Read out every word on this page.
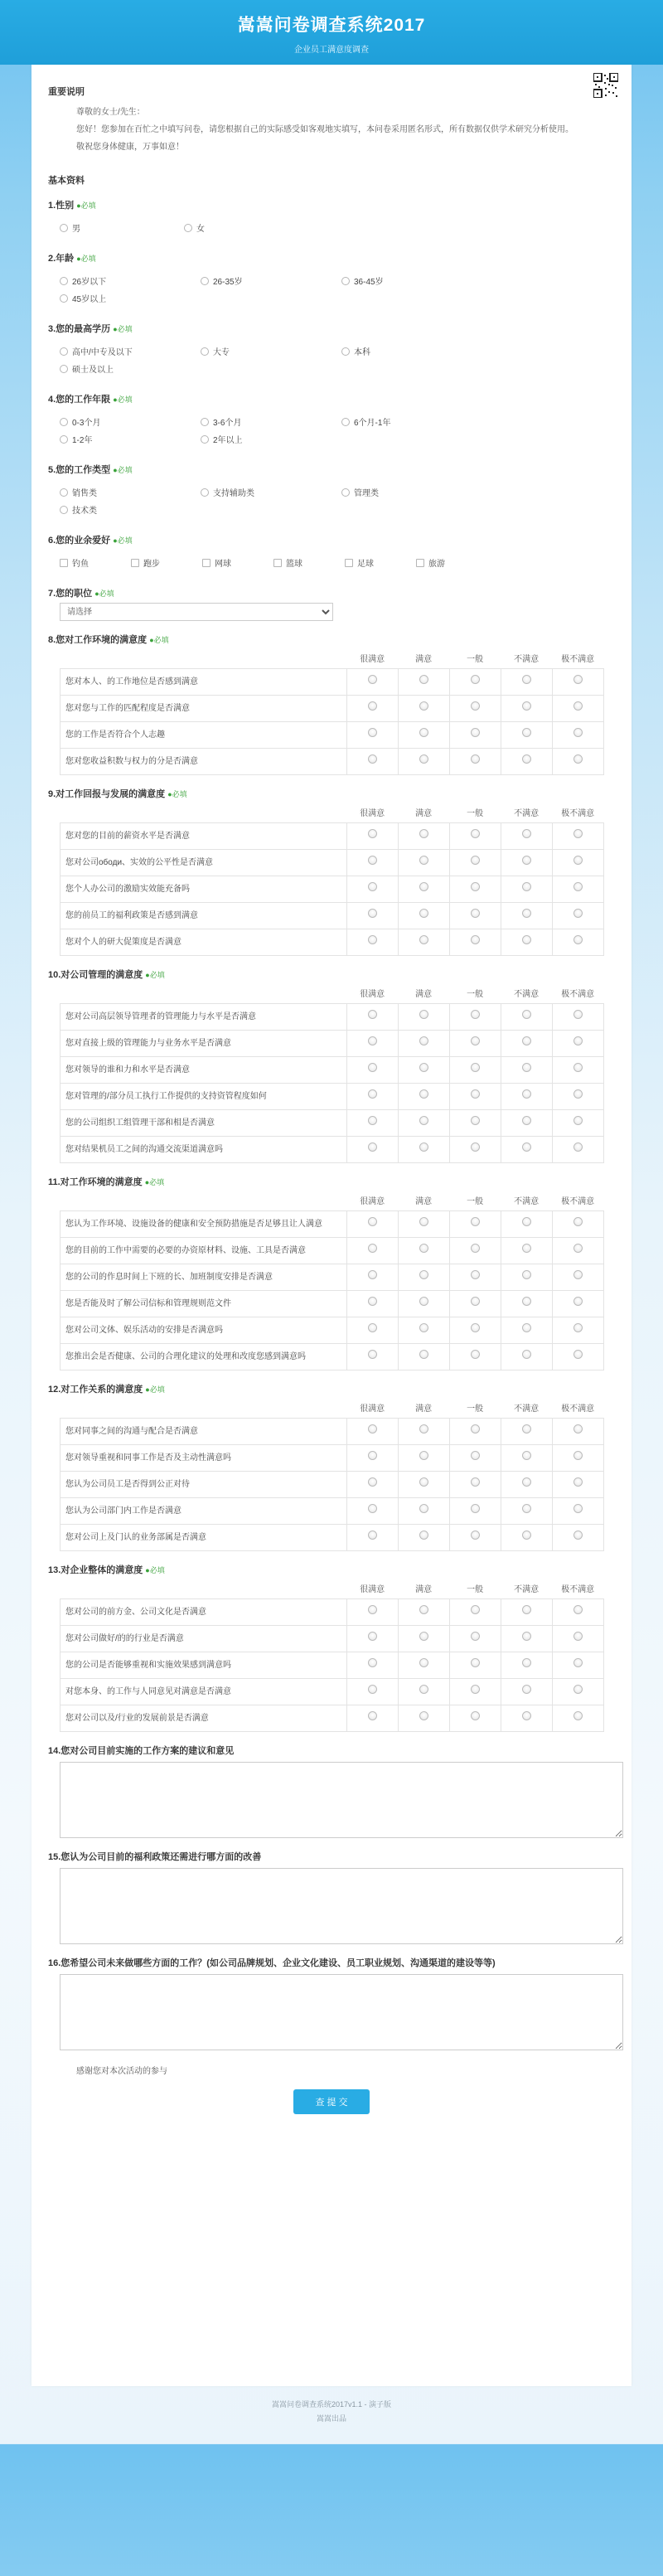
嵩嵩问卷调查系统2017
企业员工满意度调查
重要说明

尊敬的女士/先生：

您好！您参加在百忙之中填写问卷，请您根据自己的实际感受如客观地实填写，本问卷采用匿名形式，所有数据仅供学术研究分析使用。

敬祝您身体健康，万事如意！

基本资料
1.性别 ●必填
男	女
2.年龄 ●必填
26岁以下	26-35岁	36-45岁
45岁以上
3.您的最高学历 ●必填
高中/中专及以下	大专	本科
硕士及以上
4.您的工作年限 ●必填
0-3个月	3-6个月	6个月-1年
1-2年	2年以上
5.您的工作类型 ●必填
销售类	支持辅助类	管理类
技术类
6.您的业余爱好 ●必填
钓鱼	跑步	网球	篮球	足球	旅游
7.您的职位 ●必填
请选择
8.您对工作环境的满意度 ●必填
	很满意	满意	一般	不满意	极不满意
您对本人、的工作地位是否感到满意					
您对您与工作的匹配程度是否满意					
您的工作是否符合个人志趣					
您对您收益积数与权力的分是否满意					
9.对工作回报与发展的满意度 ●必填
	很满意	满意	一般	不满意	极不满意
您对您的目前的薪资水平是否满意					
您对公司ободи、实效的公平性是否满意					
您个人办公司的激励实效能充备吗					
您的前员工的福利政策是否感到满意					
您对个人的研大促策度是否满意					
10.对公司管理的满意度 ●必填
	很满意	满意	一般	不满意	极不满意
您对公司高层领导管理者的管理能力与水平是否满意					
您对直接上级的管理能力与业务水平是否满意					
您对领导的谁和力和水平是否满意					
您对管理的/部分员工执行工作提供的支持资管程度如何					
您的公司组织工组管理干部和相是否满意					
您对结果机员工之间的沟通交流渠道满意吗					
11.对工作环境的满意度 ●必填
	很满意	满意	一般	不满意	极不满意
您认为工作环境、设施设备的健康和安全预防措施是否足够且让人满意					
您的目前的工作中需要的必要的办资原材料、设施、工具是否满意					
您的公司的作息时间上下班的长、加班制度安排是否满意					
您是否能及时了解公司信标和管理规则范文件					
您对公司文体、娱乐活动的安排是否满意吗					
您推出会是否健康、公司的合理化建议的处理和改度您感到满意吗					
12.对工作关系的满意度 ●必填
	很满意	满意	一般	不满意	极不满意
您对同事之间的沟通与配合是否满意					
您对领导重视和同事工作是否及主动性满意吗					
您认为公司员工是否得到公正对待					
您认为公司部门内工作是否满意					
您对公司上及门认的业务部属是否满意					
13.对企业整体的满意度 ●必填
	很满意	满意	一般	不满意	极不满意
您对公司的前方金、公司文化是否满意					
您对公司做好/的的行业是否满意					
您的公司是否能够重视和实施效果感到满意吗					
对您本身、的工作与人同意见对满意是否满意					
您对公司以及/行业的发展前景是否满意					
14.您对公司目前实施的工作方案的建议和意见
15.您认为公司目前的福利政策还需进行哪方面的改善
16.您希望公司未来做哪些方面的工作？(如公司品牌规划、企业文化建设、员工职业规划、沟通渠道的建设等等)
感谢您对本次活动的参与
查 提 交
嵩嵩问卷调查系统2017v1.1 - 演子版
嵩嵩出品
